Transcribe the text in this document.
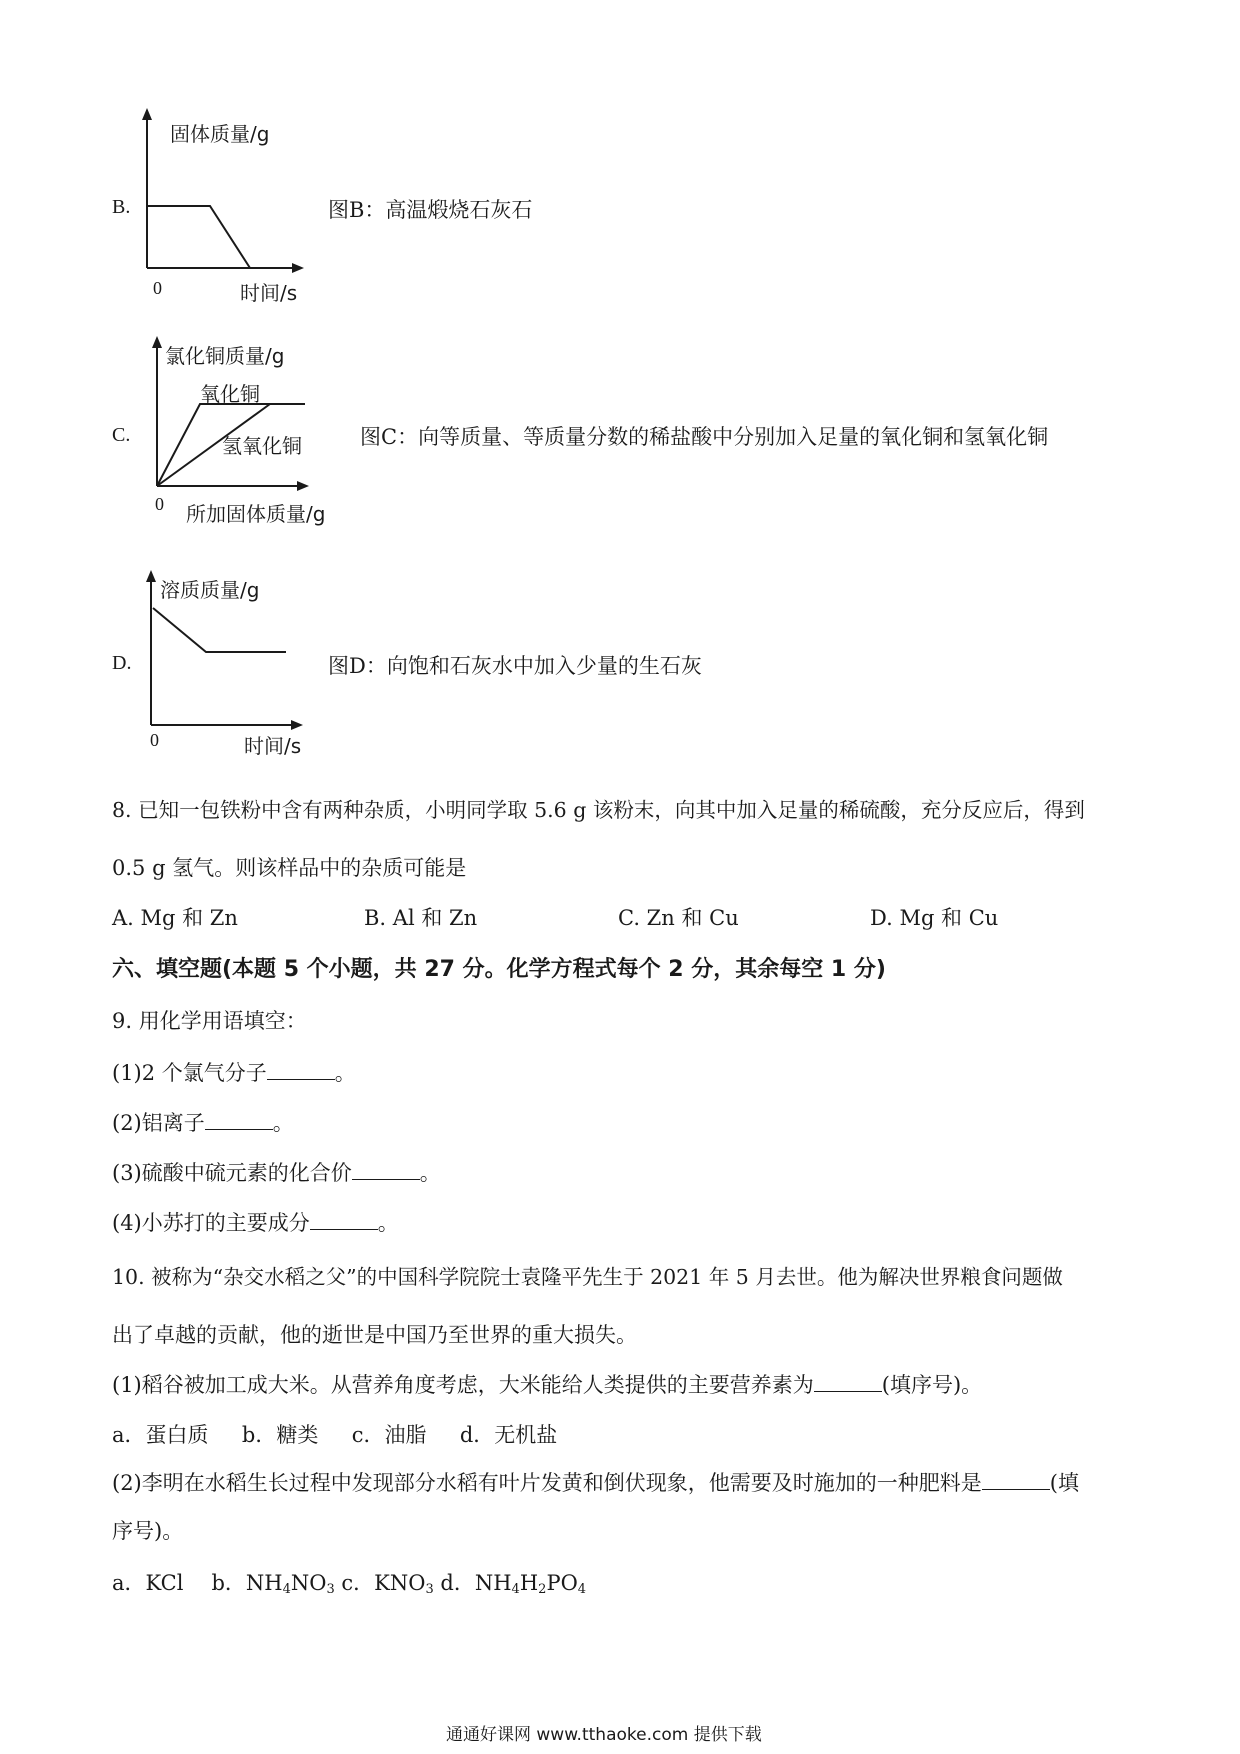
B.
固体质量/g
0	时间/s
图B：高温煅烧石灰石
C.
氯化铜质量/g
氧化铜
氢氧化铜
0 所加固体质量/g
图C：向等质量、等质量分数的稀盐酸中分别加入足量的氧化铜和氢氧化铜
D.
溶质质量/g
0	时间/s
图D：向饱和石灰水中加入少量的生石灰
8. 已知一包铁粉中含有两种杂质，小明同学取 5.6 g 该粉末，向其中加入足量的稀硫酸，充分反应后，得到
0.5 g 氢气。则该样品中的杂质可能是
A. Mg 和 Zn	B. Al 和 Zn	C. Zn 和 Cu	D. Mg 和 Cu
六、填空题(本题 5 个小题，共 27 分。化学方程式每个 2 分，其余每空 1 分)
9. 用化学用语填空：
(1)2 个氯气分子	。
(2)铝离子	。
(3)硫酸中硫元素的化合价	。
(4)小苏打的主要成分	。
10. 被称为“杂交水稻之父”的中国科学院院士袁隆平先生于 2021 年 5 月去世。他为解决世界粮食问题做
出了卓越的贡献，他的逝世是中国乃至世界的重大损失。
(1)稻谷被加工成大米。从营养角度考虑，大米能给人类提供的主要营养素为	(填序号)。
a．蛋白质     b．糖类     c．油脂     d．无机盐
(2)李明在水稻生长过程中发现部分水稻有叶片发黄和倒伏现象，他需要及时施加的一种肥料是	(填
序号)。
a．KCl b．$NH_4NO_3$ c．$KNO_3$ d．$NH_4H_2PO_4$
通通好课网 www.tthaoke.com 提供下载
